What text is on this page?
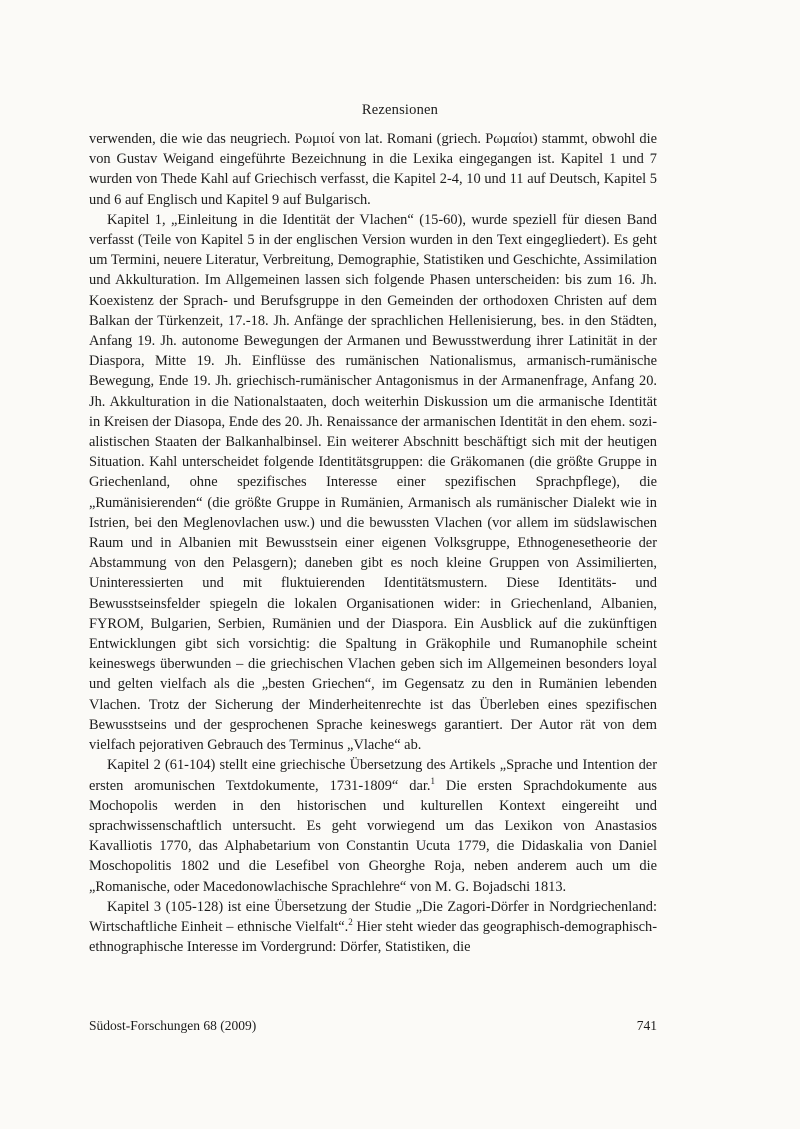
Rezensionen

verwenden, die wie das neugriech. Ρωμιοί von lat. Romani (griech. Ρωμαίοι) stammt, obwohl die von Gustav Weigand eingeführte Bezeichnung in die Lexika eingegangen ist. Kapitel 1 und 7 wurden von Thede Kahl auf Griechisch verfasst, die Kapitel 2-4, 10 und 11 auf Deutsch, Kapitel 5 und 6 auf Englisch und Kapitel 9 auf Bulgarisch.

Kapitel 1, „Einleitung in die Identität der Vlachen“ (15-60), wurde speziell für diesen Band verfasst (Teile von Kapitel 5 in der englischen Version wurden in den Text eingegliedert). Es geht um Termini, neuere Literatur, Verbreitung, Demographie, Statistiken und Geschichte, Assimilation und Akkulturation. Im Allgemeinen lassen sich folgende Phasen unterscheiden: bis zum 16. Jh. Koexistenz der Sprach- und Berufsgruppe in den Gemeinden der orthodoxen Christen auf dem Balkan der Türkenzeit, 17.-18. Jh. Anfänge der sprachlichen Hellenisierung, bes. in den Städten, Anfang 19. Jh. autonome Bewegungen der Armanen und Bewusstwerdung ihrer Latinität in der Diaspora, Mitte 19. Jh. Einflüsse des rumänischen Nationalismus, armanisch-rumänische Bewegung, Ende 19. Jh. griechisch-rumänischer Antagonismus in der Armanenfrage, Anfang 20. Jh. Akkulturation in die Nationalstaaten, doch weiterhin Diskussion um die armanische Identität in Kreisen der Diasopa, Ende des 20. Jh. Renaissance der armanischen Identität in den ehem. sozialistischen Staaten der Balkanhalbinsel. Ein weiterer Abschnitt beschäftigt sich mit der heutigen Situation. Kahl unterscheidet folgende Identitätsgruppen: die Gräkomanen (die größte Gruppe in Griechenland, ohne spezifisches Interesse einer spezifischen Sprachpflege), die „Rumänisierenden“ (die größte Gruppe in Rumänien, Armanisch als rumänischer Dialekt wie in Istrien, bei den Meglenovlachen usw.) und die bewussten Vlachen (vor allem im südslawischen Raum und in Albanien mit Bewusstsein einer eigenen Volksgruppe, Ethnogenesetheorie der Abstammung von den Pelasgern); daneben gibt es noch kleine Gruppen von Assimilierten, Uninteressierten und mit fluktuierenden Identitätsmustern. Diese Identitäts- und Bewusstseinsfelder spiegeln die lokalen Organisationen wider: in Griechenland, Albanien, FYROM, Bulgarien, Serbien, Rumänien und der Diaspora. Ein Ausblick auf die zukünftigen Entwicklungen gibt sich vorsichtig: die Spaltung in Gräkophile und Rumanophile scheint keineswegs überwunden – die griechischen Vlachen geben sich im Allgemeinen besonders loyal und gelten vielfach als die „besten Griechen“, im Gegensatz zu den in Rumänien lebenden Vlachen. Trotz der Sicherung der Minderheitenrechte ist das Überleben eines spezifischen Bewusstseins und der gesprochenen Sprache keineswegs garantiert. Der Autor rät von dem vielfach pejorativen Gebrauch des Terminus „Vlache“ ab.

Kapitel 2 (61-104) stellt eine griechische Übersetzung des Artikels „Sprache und Intention der ersten aromunischen Textdokumente, 1731-1809“ dar.$^1$ Die ersten Sprachdokumente aus Mochopolis werden in den historischen und kulturellen Kontext eingereiht und sprachwissenschaftlich untersucht. Es geht vorwiegend um das Lexikon von Anastasios Kavalliotis 1770, das Alphabetarium von Constantin Ucuta 1779, die Didaskalia von Daniel Moschopolitis 1802 und die Lesefibel von Gheorghe Roja, neben anderem auch um die „Romanische, oder Macedonowlachische Sprachlehre“ von M. G. Bojadschi 1813.

Kapitel 3 (105-128) ist eine Übersetzung der Studie „Die Zagori-Dörfer in Nordgriechenland: Wirtschaftliche Einheit – ethnische Vielfalt“.$^2$ Hier steht wieder das geographisch-demographisch-ethnographische Interesse im Vordergrund: Dörfer, Statistiken, die

Südost-Forschungen 68 (2009)	741
